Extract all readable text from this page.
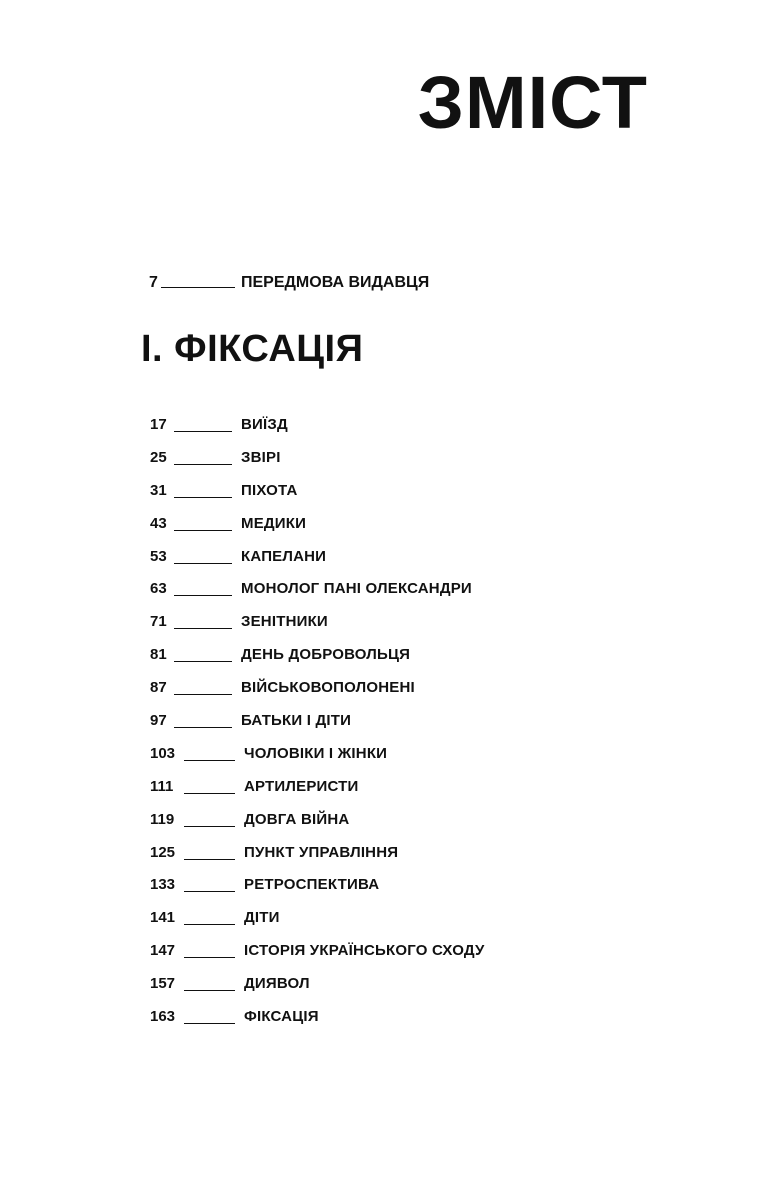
ЗМІСТ
7	ПЕРЕДМОВА ВИДАВЦЯ
І. ФІКСАЦІЯ
17	ВИЇЗД
25	ЗВІРІ
31	ПІХОТА
43	МЕДИКИ
53	КАПЕЛАНИ
63	МОНОЛОГ ПАНІ ОЛЕКСАНДРИ
71	ЗЕНІТНИКИ
81	ДЕНЬ ДОБРОВОЛЬЦЯ
87	ВІЙСЬКОВОПОЛОНЕНІ
97	БАТЬКИ І ДІТИ
103	ЧОЛОВІКИ І ЖІНКИ
111	АРТИЛЕРИСТИ
119	ДОВГА ВІЙНА
125	ПУНКТ УПРАВЛІННЯ
133	РЕТРОСПЕКТИВА
141	ДІТИ
147	ІСТОРІЯ УКРАЇНСЬКОГО СХОДУ
157	ДИЯВОЛ
163	ФІКСАЦІЯ
